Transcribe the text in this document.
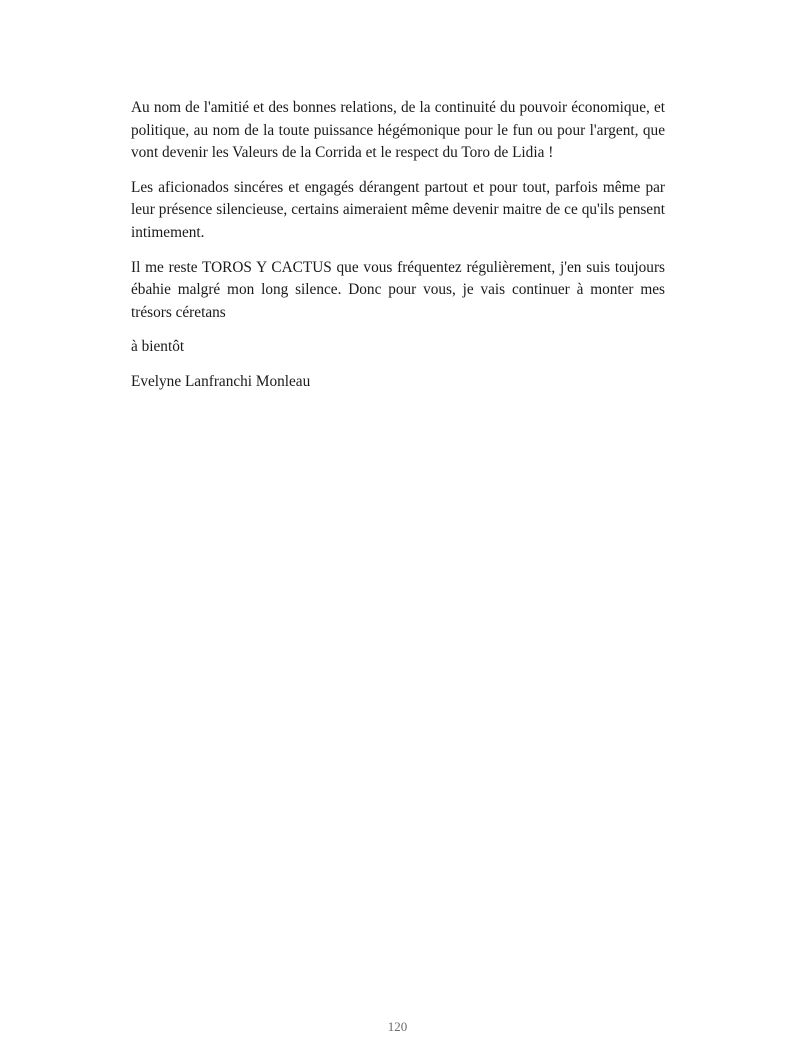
Au nom de l'amitié et des bonnes relations, de la continuité du pouvoir économique, et politique, au nom de la toute puissance hégémonique pour le fun ou pour l'argent, que vont devenir les Valeurs de la Corrida et le respect du Toro de Lidia !

Les aficionados sincéres et engagés dérangent partout et pour tout, parfois même par leur présence silencieuse, certains aimeraient même devenir maitre de ce qu'ils pensent intimement.

Il me reste TOROS Y CACTUS que vous fréquentez régulièrement, j'en suis toujours ébahie malgré mon long silence. Donc pour vous, je vais continuer à monter mes trésors céretans

à bientôt

Evelyne Lanfranchi Monleau

120
